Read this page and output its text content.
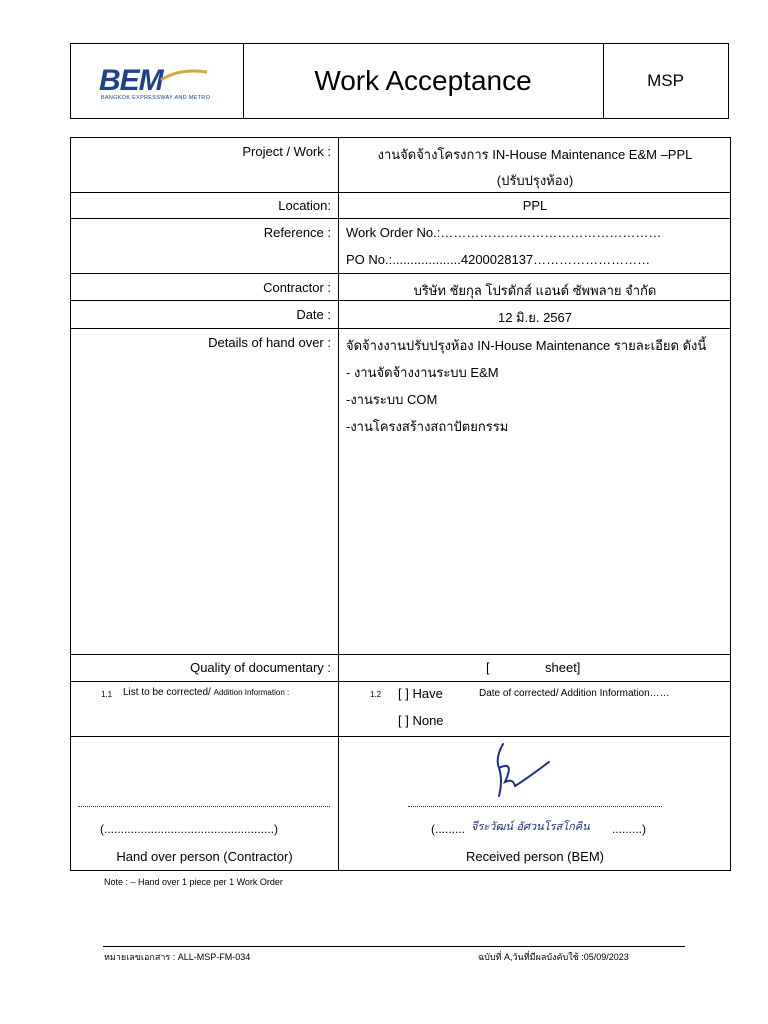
BEM
BANGKOK EXPRESSWAY AND METRO
Work Acceptance	MSP
Project / Work :	งานจัดจ้างโครงการ IN-House Maintenance E&M –PPL
(ปรับปรุงห้อง)
Location:	PPL
Reference : Work Order No.:……………………………………………
PO No.:...................4200028137………………………
Contractor :	บริษัท ชัยกุล โปรดักส์ แอนด์ ซัพพลาย จำกัด
Date :	12 มิ.ย. 2567
Details of hand over : จัดจ้างงานปรับปรุงห้อง IN-House Maintenance รายละเอียด ดังนี้
- งานจัดจ้างงานระบบ E&M
-งานระบบ COM
-งานโครงสร้างสถาปัตยกรรม
Quality of documentary :	[	sheet]
1.1 List to be corrected/ Addition Information :	1.2 [ ] Have	Date of corrected/ Addition Information……
[ ] None
(...................................................)
Hand over person (Contractor)
(......... จีระวัฒน์ อัศวนโรสโกคิน .........)
Received person (BEM)
Note : – Hand over 1 piece per 1 Work Order
หมายเลขเอกสาร : ALL-MSP-FM-034	ฉบับที่ A,วันที่มีผลบังคับใช้ :05/09/2023
